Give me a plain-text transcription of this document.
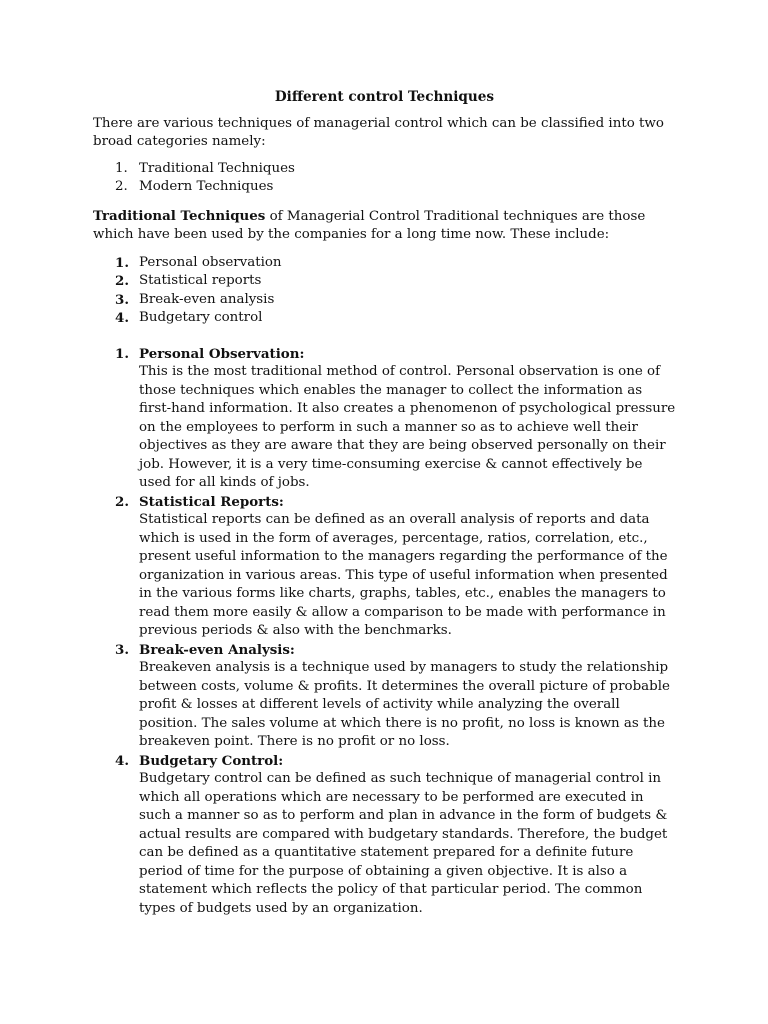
Different control Techniques

There are various techniques of managerial control which can be classified into two broad categories namely:

1. Traditional Techniques
2. Modern Techniques

Traditional Techniques of Managerial Control Traditional techniques are those which have been used by the companies for a long time now. These include:

1. Personal observation
2. Statistical reports
3. Break-even analysis
4. Budgetary control
1. Personal Observation:
This is the most traditional method of control. Personal observation is one of those techniques which enables the manager to collect the information as first-hand information. It also creates a phenomenon of psychological pressure on the employees to perform in such a manner so as to achieve well their objectives as they are aware that they are being observed personally on their job. However, it is a very time-consuming exercise & cannot effectively be used for all kinds of jobs.
2. Statistical Reports:
Statistical reports can be defined as an overall analysis of reports and data which is used in the form of averages, percentage, ratios, correlation, etc., present useful information to the managers regarding the performance of the organization in various areas. This type of useful information when presented in the various forms like charts, graphs, tables, etc., enables the managers to read them more easily & allow a comparison to be made with performance in previous periods & also with the benchmarks.
3. Break-even Analysis:
Breakeven analysis is a technique used by managers to study the relationship between costs, volume & profits. It determines the overall picture of probable profit & losses at different levels of activity while analyzing the overall position. The sales volume at which there is no profit, no loss is known as the breakeven point. There is no profit or no loss.
4. Budgetary Control:
Budgetary control can be defined as such technique of managerial control in which all operations which are necessary to be performed are executed in such a manner so as to perform and plan in advance in the form of budgets & actual results are compared with budgetary standards. Therefore, the budget can be defined as a quantitative statement prepared for a definite future period of time for the purpose of obtaining a given objective. It is also a statement which reflects the policy of that particular period. The common types of budgets used by an organization.
